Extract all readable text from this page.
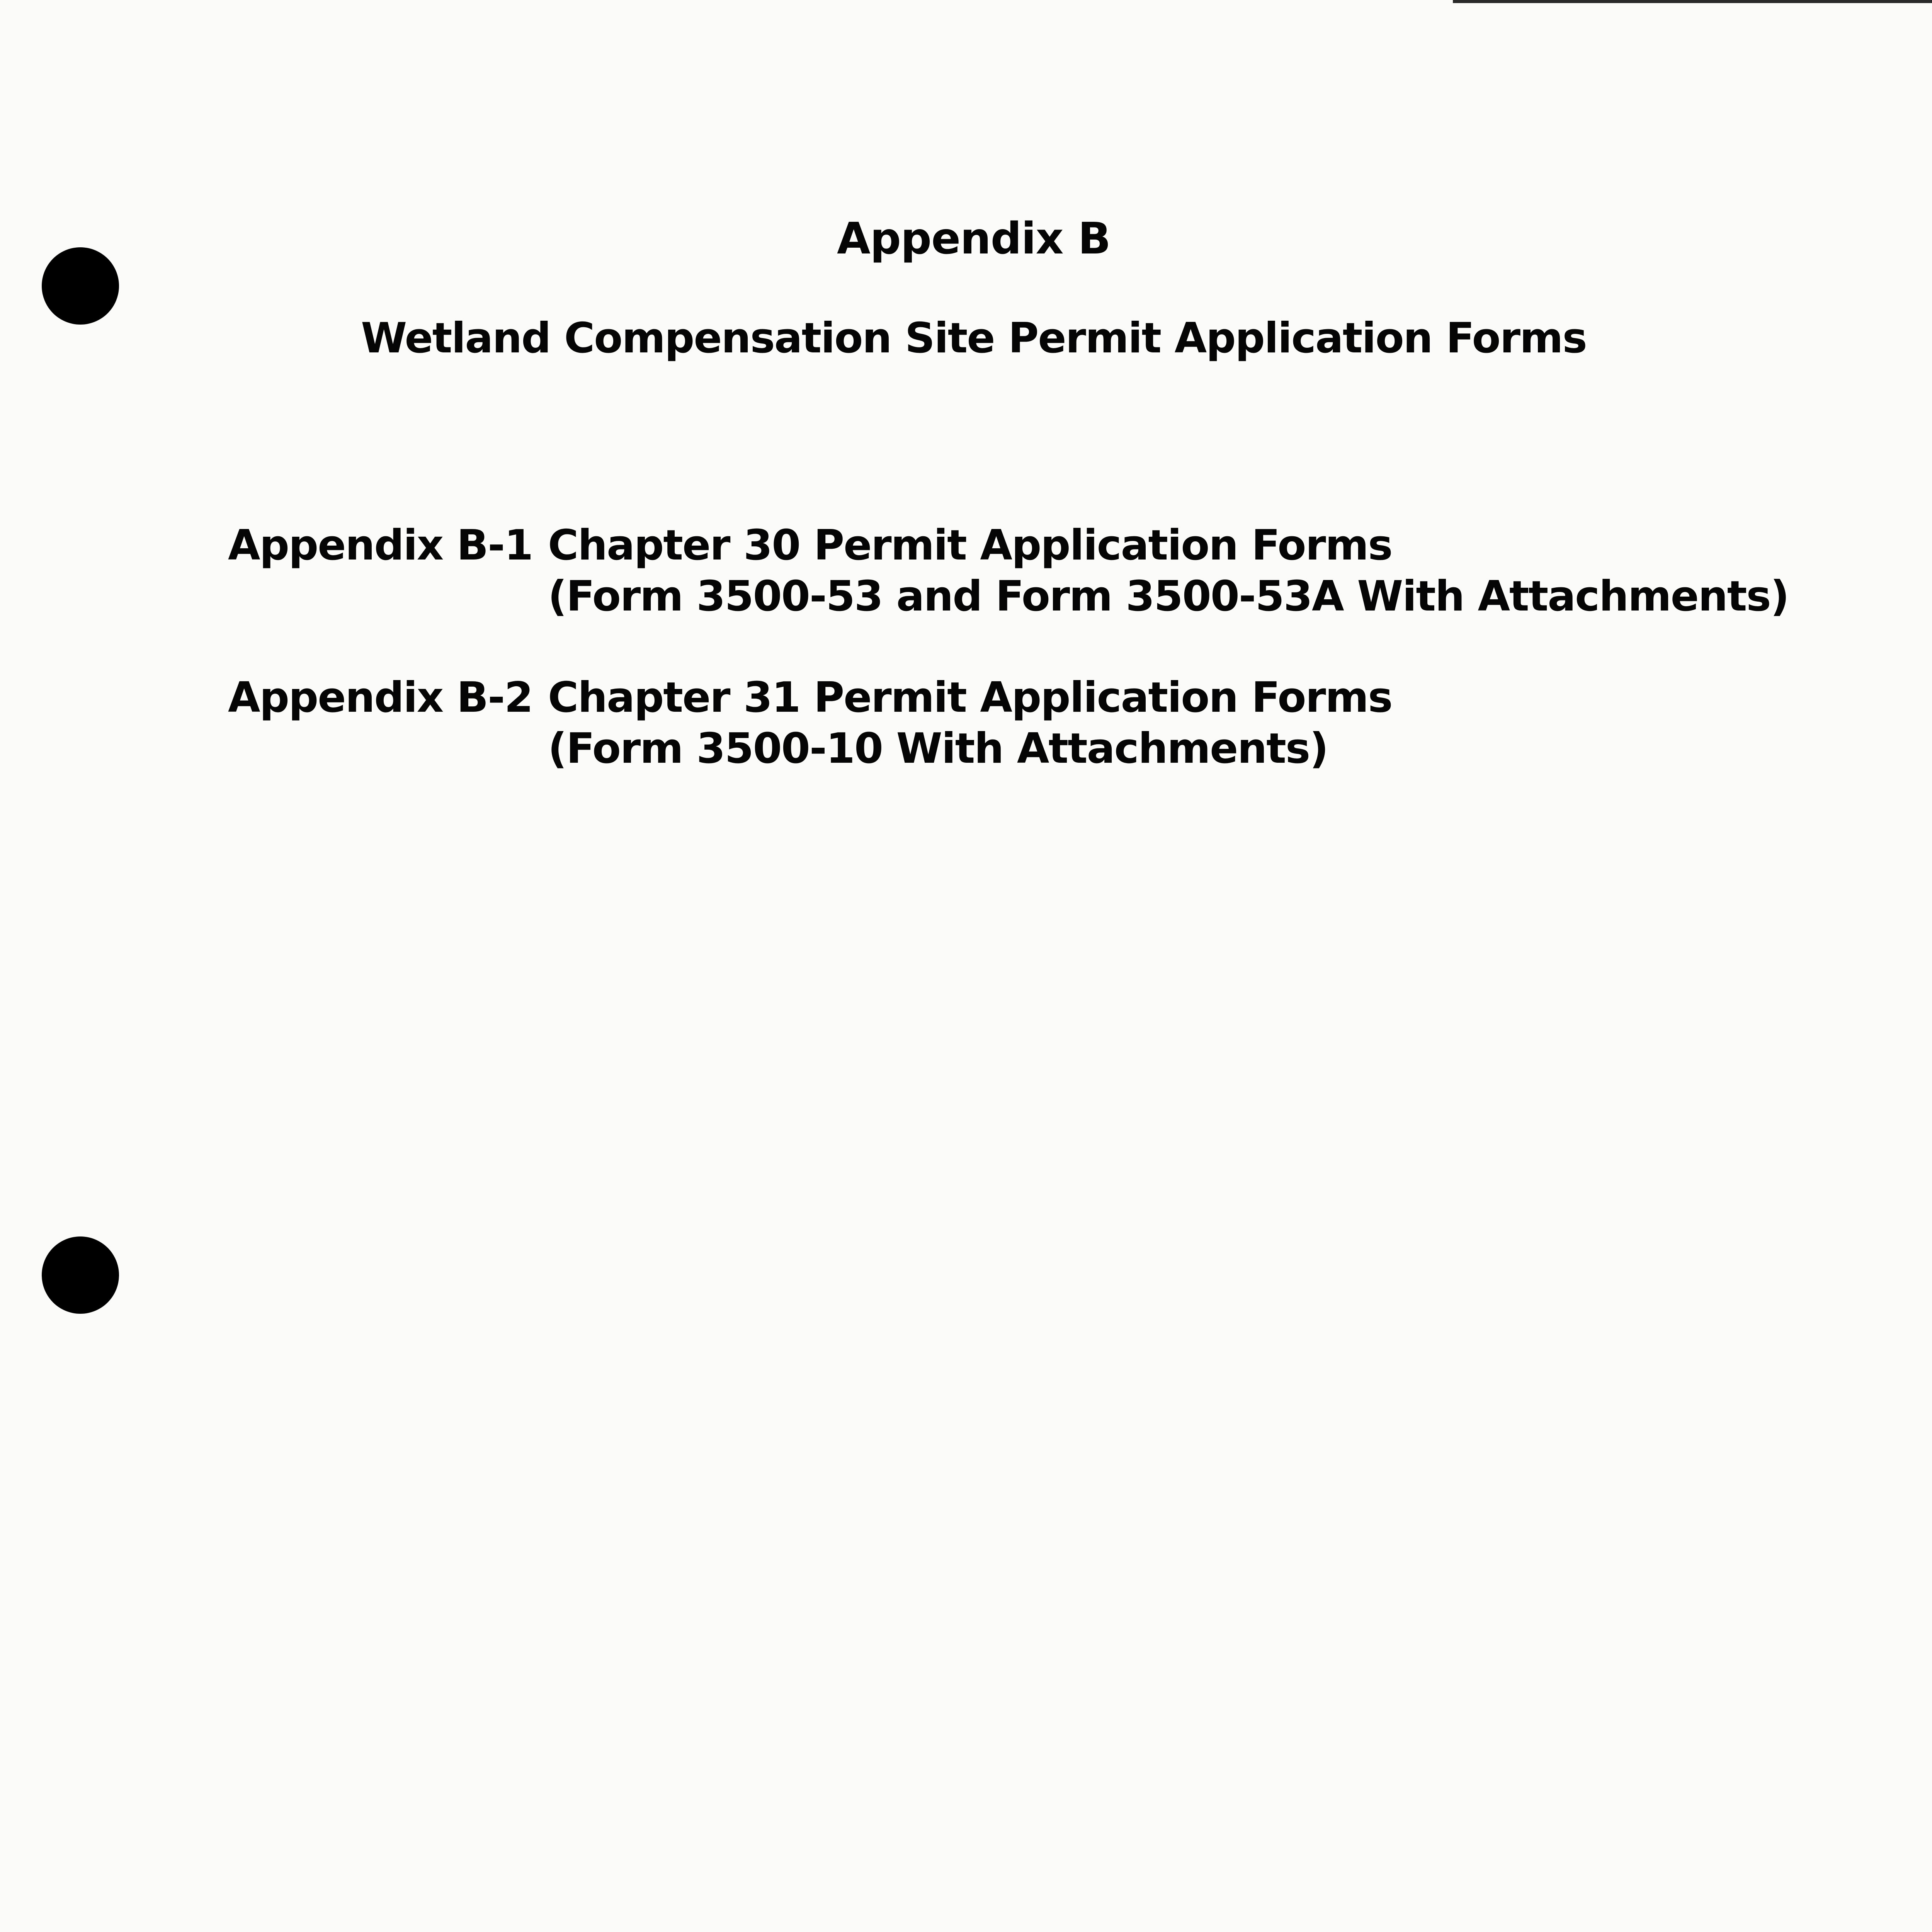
Appendix B
Wetland Compensation Site Permit Application Forms
Appendix B-1 Chapter 30 Permit Application Forms
(Form 3500-53 and Form 3500-53A With Attachments)
Appendix B-2 Chapter 31 Permit Application Forms
(Form 3500-10 With Attachments)
